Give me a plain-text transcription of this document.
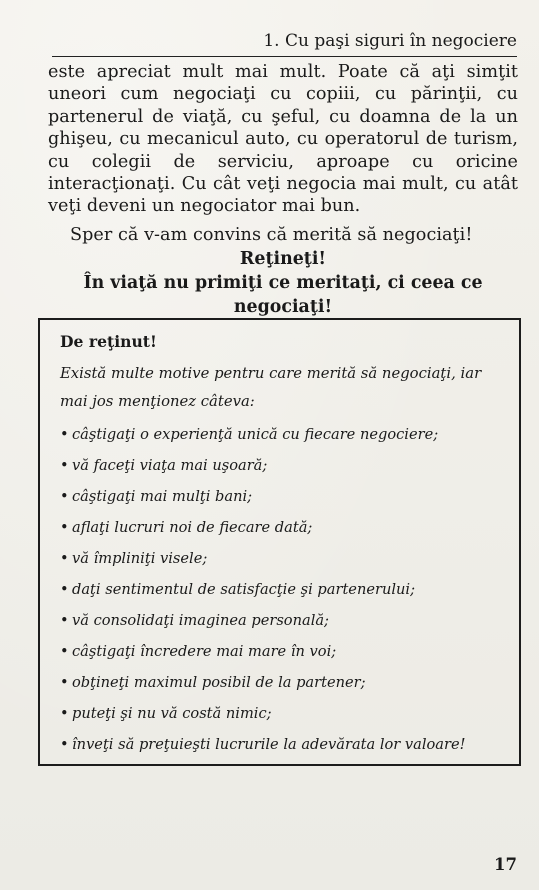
1. Cu paşi siguri în negociere

este apreciat mult mai mult. Poate că aţi simţit uneori cum negociaţi cu copiii, cu părinţii, cu partenerul de viaţă, cu şeful, cu doamna de la un ghişeu, cu mecanicul auto, cu operatorul de turism, cu colegii de serviciu, aproape cu oricine interacţionaţi. Cu cât veţi negocia mai mult, cu atât veţi deveni un negociator mai bun.

Sper că v-am convins că merită să negociaţi!

Reţineţi!
În viaţă nu primiţi ce meritaţi, ci ceea ce negociaţi!
De reţinut!
Există multe motive pentru care merită să negociaţi, iar mai jos menţionez câteva:
• câştigaţi o experienţă unică cu fiecare negociere;
• vă faceţi viaţa mai uşoară;
• câştigaţi mai mulţi bani;
• aflaţi lucruri noi de fiecare dată;
• vă împliniţi visele;
• daţi sentimentul de satisfacţie şi partenerului;
• vă consolidaţi imaginea personală;
• câştigaţi încredere mai mare în voi;
• obţineţi maximul posibil de la partener;
• puteţi şi nu vă costă nimic;
• înveţi să preţuieşti lucrurile la adevărata lor valoare!
17
